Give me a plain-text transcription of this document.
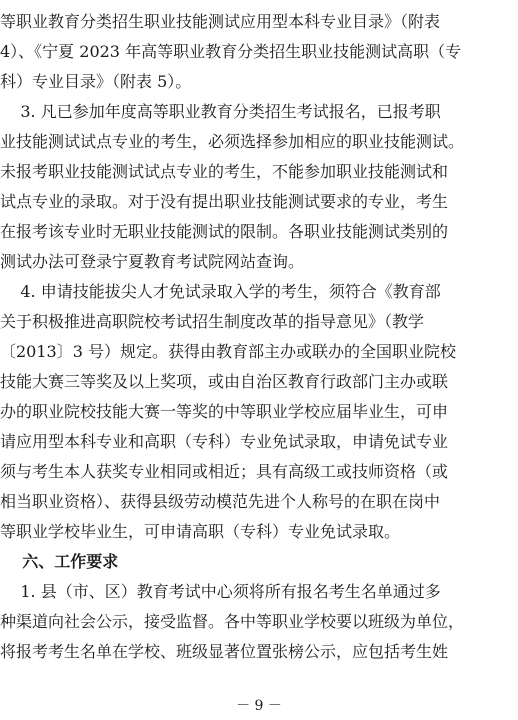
等职业教育分类招生职业技能测试应用型本科专业目录》（附表
4）、《宁夏 2023 年高等职业教育分类招生职业技能测试高职（专
科）专业目录》（附表 5）。
3. 凡已参加年度高等职业教育分类招生考试报名，已报考职
业技能测试试点专业的考生，必须选择参加相应的职业技能测试。
未报考职业技能测试试点专业的考生，不能参加职业技能测试和
试点专业的录取。对于没有提出职业技能测试要求的专业，考生
在报考该专业时无职业技能测试的限制。各职业技能测试类别的
测试办法可登录宁夏教育考试院网站查询。
4. 申请技能拔尖人才免试录取入学的考生，须符合《教育部
关于积极推进高职院校考试招生制度改革的指导意见》（教学
〔2013〕3 号）规定。获得由教育部主办或联办的全国职业院校
技能大赛三等奖及以上奖项，或由自治区教育行政部门主办或联
办的职业院校技能大赛一等奖的中等职业学校应届毕业生，可申
请应用型本科专业和高职（专科）专业免试录取，申请免试专业
须与考生本人获奖专业相同或相近；具有高级工或技师资格（或
相当职业资格）、获得县级劳动模范先进个人称号的在职在岗中
等职业学校毕业生，可申请高职（专科）专业免试录取。
六、工作要求
1. 县（市、区）教育考试中心须将所有报名考生名单通过多
种渠道向社会公示，接受监督。各中等职业学校要以班级为单位，
将报考考生名单在学校、班级显著位置张榜公示，应包括考生姓
－ 9 －
